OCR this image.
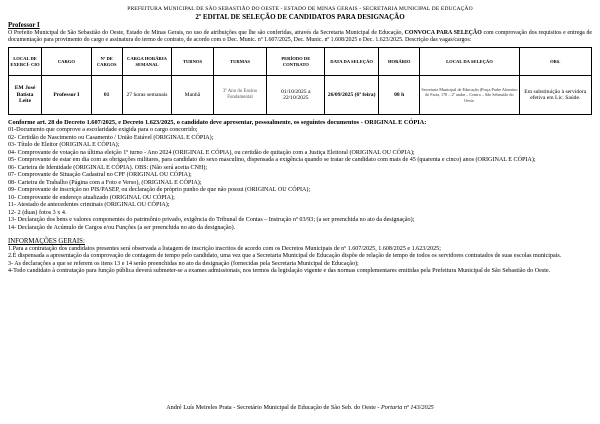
PREFEITURA MUNICIPAL DE SÃO SEBASTIÃO DO OESTE - ESTADO DE MINAS GERAIS - SECRETARIA MUNICIPAL DE EDUCAÇÃO
2º EDITAL DE SELEÇÃO DE CANDIDATOS PARA DESIGNAÇÃO
Professor I
O Prefeito Municipal de São Sebastião do Oeste, Estado de Minas Gerais, no uso de atribuições que lhe são conferidas, através da Secretaria Municipal de Educação, CONVOCA PARA SELEÇÃO com comprovação dos requisitos e entrega de documentação para provimento do cargo e assinatura do termo de contrato, de acordo com o Dec. Munic. nº 1.607/2025, Dec. Munic. nº 1.608/2025 e Dec. 1.623/2025. Descrição das vagas/cargos:
LOCAL DE EXERCÍ- CIO	CARGO	Nº DE CARGOS	CARGA HORÁRIA SEMANAL	TURNOS	TURMAS	PERÍODO DE CONTRATO	DATA DA SELEÇÃO	HORÁRIO	LOCAL DA SELEÇÃO	OBS.
EM José Batista Leite	Professor I	01	27 horas semanais	Manhã	3º Ano do Ensino Fundamental	01/10/2025 a 22/10/2025	26/09/2025 (6ª feira)	08 h	Secretaria Municipal de Educação (Praça Padre Afonsino de Faria, 178 – 2º andar – Centro – São Sebastião do Oeste.	Em substituição à servidora efetiva em Lic. Saúde.
Conforme art. 28 do Decreto 1.607/2025, e Decreto 1.623/2025, o candidato deve apresentar, pessoalmente, os seguintes documentos - ORIGINAL E CÓPIA:
01-Documento que comprove a escolaridade exigida para o cargo concorrido;
02- Certidão de Nascimento ou Casamento / União Estável (ORIGINAL E CÓPIA);
03- Título de Eleitor (ORIGINAL E CÓPIA);
04- Comprovante de votação na última eleição 1º turno - Ano 2024 (ORIGINAL E CÓPIA), ou certidão de quitação com a Justiça Eleitoral (ORIGINAL OU CÓPIA);
05- Comprovante de estar em dia com as obrigações militares, para candidato do sexo masculino, dispensada a exigência quando se tratar de candidato com mais de 45 (quarenta e cinco) anos (ORIGINAL E CÓPIA);
06- Carteira de Identidade (ORIGINAL E CÓPIA). OBS: (Não será aceita CNH);
07- Comprovante de Situação Cadastral no CPF (ORIGINAL OU CÓPIA);
08- Carteira de Trabalho (Página com a Foto e Verso), (ORIGINAL E CÓPIA);
09- Comprovante de inscrição no PIS/PASEP, ou declaração de próprio punho de que não possui (ORIGINAL OU CÓPIA);
10- Comprovante de endereço atualizado (ORIGINAL OU CÓPIA);
11- Atestado de antecedentes criminais (ORIGINAL OU CÓPIA);
12- 2 (duas) fotos 3 x 4.
13- Declaração dos bens e valores componentes do patrimônio privado, exigência do Tribunal de Contas – Instrução nº 03/93; (a ser preenchida no ato da designação);
14- Declaração de Acúmulo de Cargos e/ou Funções (a ser preenchida no ato da designação).
INFORMAÇÕES GERAIS:
1.Para a contratação dos candidatos presentes será observada a listagem de inscrição inscritos de acordo com os Decretos Municipais de nº 1.607/2025, 1.608/2025 e 1.623/2025;
2.É dispensada a apresentação da comprovação de contagem de tempo pelo candidato, uma vez que a Secretaria Municipal de Educação dispõe de relação de tempo de todos os servidores contratados de suas escolas municipais.
3- As declarações a que se referem os itens 13 e 14 serão preenchidas no ato da designação (fornecidas pela Secretaria Municipal de Educação);
4-Todo candidato à contratação para função pública deverá submeter-se a exames admissionais, nos termos da legislação vigente e das normas complementares emitidas pela Prefeitura Municipal de São Sebastião do Oeste.
André Luís Meireles Prata - Secretário Municipal de Educação de São Seb. do Oeste - Portaria nº 143/2025
